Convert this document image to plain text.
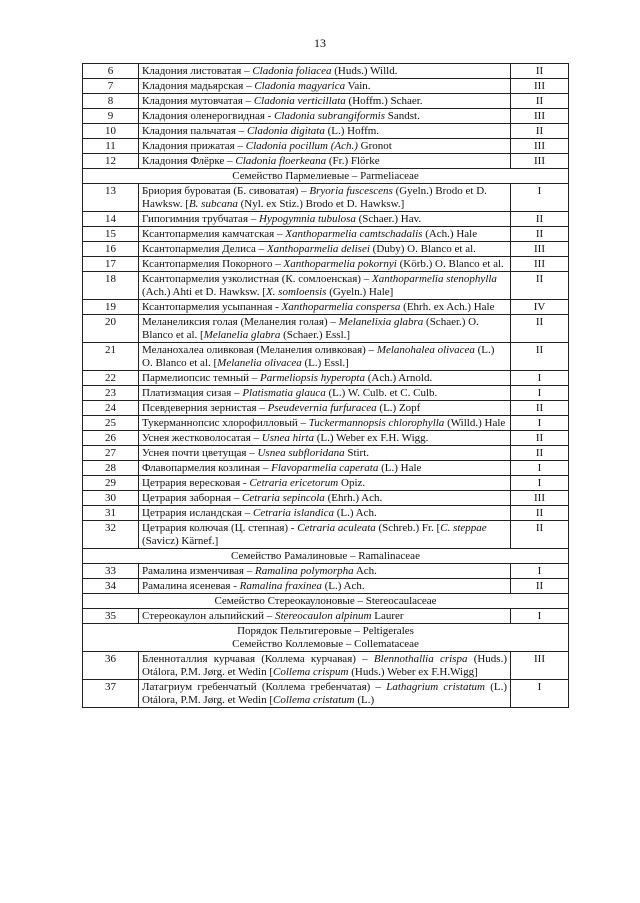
13
6	Кладония листоватая – Cladonia foliacea (Huds.) Willd.	II
7	Кладония мадьярская – Cladonia magyarica Vain.	III
8	Кладония мутовчатая – Cladonia verticillata (Hoffm.) Schaer.	II
9	Кладония оленерогвидная - Cladonia subrangiformis Sandst.	III
10	Кладония пальчатая – Cladonia digitata (L.) Hoffm.	II
11	Кладония прижатая – Cladonia pocillum (Ach.) Gronot	III
12	Кладония Флёрке – Cladonia floerkeana (Fr.) Flörke	III
Семейство Пармелиевые – Parmeliaceae		
13	Бриория буроватая (Б. сивоватая) – Bryoria fuscescens (Gyeln.) Brodo et D. Hawksw. [B. subcana (Nyl. ex Stiz.) Brodo et D. Hawksw.]	I
14	Гипогимния трубчатая – Hypogymnia tubulosa (Schaer.) Hav.	II
15	Ксантопармелия камчатская – Xanthoparmelia camtschadalis (Ach.) Hale	II
16	Ксантопармелия Делиса – Xanthoparmelia delisei (Duby) O. Blanco et al.	III
17	Ксантопармелия Покорного – Xanthoparmelia pokornyi (Körb.) O. Blanco et al.	III
18	Ксантопармелия узколистная (К. сомлоенская) – Xanthoparmelia stenophylla (Ach.) Ahti et D. Hawksw. [X. somloensis (Gyeln.) Hale]	II
19	Ксантопармелия усыпанная - Xanthoparmelia conspersa (Ehrh. ex Ach.) Hale	IV
20	Меланеликсия голая (Меланелия голая) – Melanelixia glabra (Schaer.) O. Blanco et al. [Melanelia glabra (Schaer.) Essl.]	II
21	Меланохалеа оливковая (Меланелия оливковая) – Melanohalea olivacea (L.) O. Blanco et al. [Melanelia olivacea (L.) Essl.]	II
22	Пармелиопсис темный – Parmeliopsis hyperopta (Ach.) Arnold.	I
23	Платизмация сизая – Platismatia glauca (L.) W. Culb. et C. Culb.	I
24	Псевдеверния зернистая – Pseudevernia furfuracea (L.) Zopf	II
25	Тукерманнопсис хлорофилловый – Tuckermannopsis chlorophylla (Willd.) Hale	I
26	Уснея жестковолосатая – Usnea hirta (L.) Weber ex F.H. Wigg.	II
27	Уснея почти цветущая – Usnea subfloridana Stirt.	II
28	Флавопармелия козлиная – Flavoparmelia caperata (L.) Hale	I
29	Цетрария вересковая - Cetraria ericetorum Opiz.	I
30	Цетрария заборная – Cetraria sepincola (Ehrh.) Ach.	III
31	Цетрария исландская – Cetraria islandica (L.) Ach.	II
32	Цетрария колючая (Ц. степная) - Cetraria aculeata (Schreb.) Fr. [C. steppae (Savicz) Kärnef.]	II
Семейство Рамалиновые – Ramalinaceae		
33	Рамалина изменчивая – Ramalina polymorpha Ach.	I
34	Рамалина ясеневая - Ramalina fraxinea (L.) Ach.	II
Семейство Стереокаулоновые – Stereocaulaceae		
35	Стереокаулон альпийский – Stereocaulon alpinum Laurer	I
Порядок Пельтигеровые – Peltigerales
Семейство Коллемовые – Collemataceae		
36	Бленноталлия курчавая (Коллема курчавая) – Blennothallia crispa (Huds.) Otálora, P.M. Jørg. et Wedin [Collema crispum (Huds.) Weber ex F.H.Wigg]	III
37	Латагриум гребенчатый (Коллема гребенчатая) – Lathagrium cristatum (L.) Otálora, P.M. Jørg. et Wedin [Collema cristatum (L.)	I
